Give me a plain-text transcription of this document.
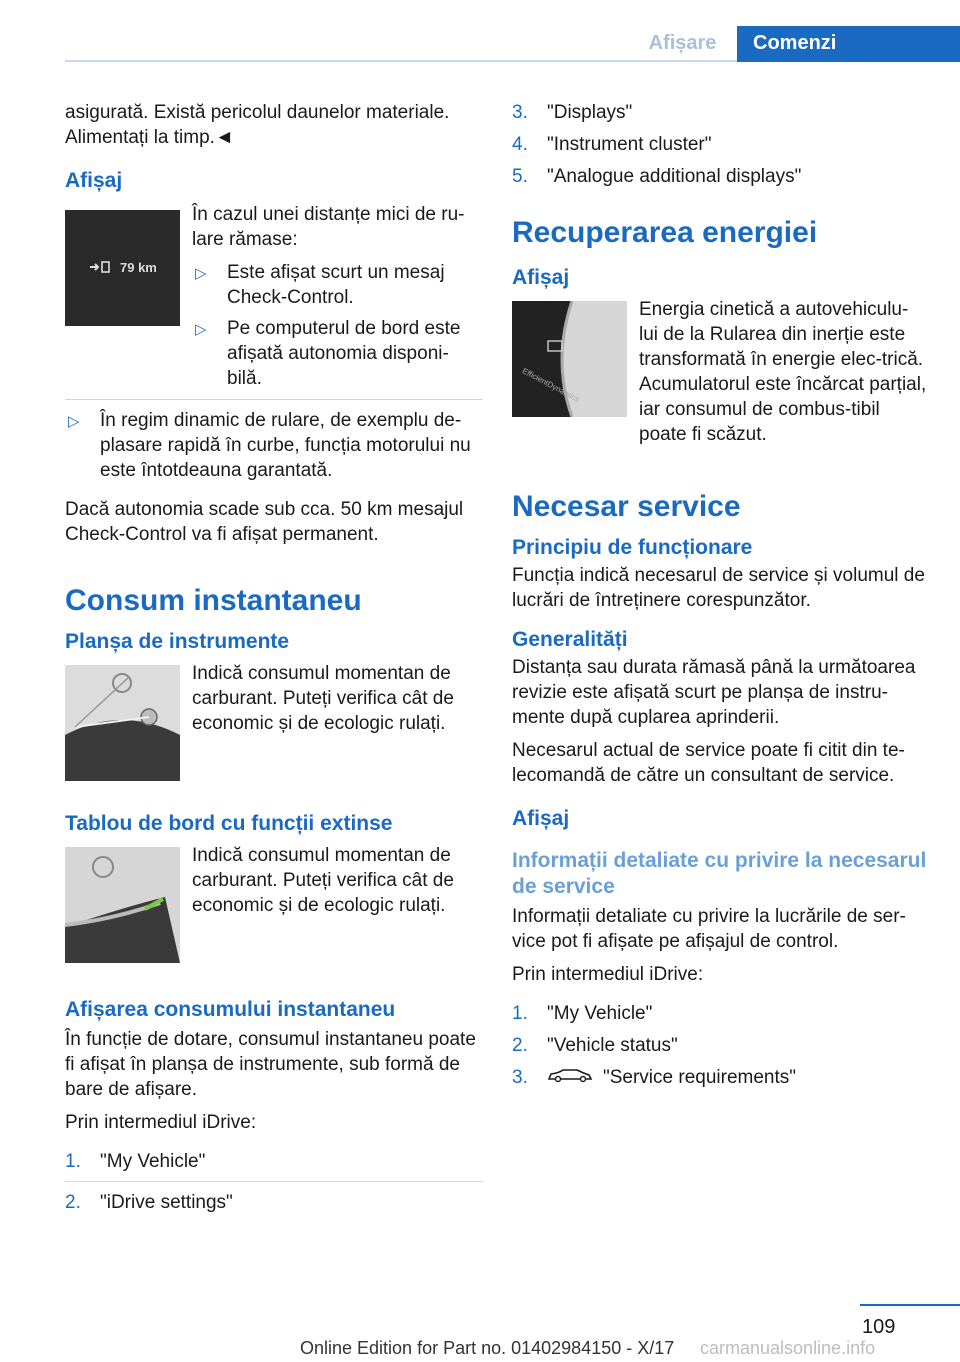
Afișare	Comenzi

asigurată. Există pericolul daunelor materiale. Alimentați la timp.◄

Afișaj
79 km

În cazul unei distanțe mici de ru‐lare rămase:

▷ Este afișat scurt un mesaj Check-Control.
▷ Pe computerul de bord este afișată autonomia disponi‐bilă.
▷ În regim dinamic de rulare, de exemplu de‐plasare rapidă în curbe, funcția motorului nu este întotdeauna garantată.

Dacă autonomia scade sub cca. 50 km mesajul Check-Control va fi afișat permanent.

Consum instantaneu
Planșa de instrumente

Indică consumul momentan de carburant. Puteți verifica cât de economic și de ecologic rulați.

Tablou de bord cu funcții extinse

Indică consumul momentan de carburant. Puteți verifica cât de economic și de ecologic rulați.

Afișarea consumului instantaneu

În funcție de dotare, consumul instantaneu poate fi afișat în planșa de instrumente, sub formă de bare de afișare.

Prin intermediul iDrive:

1. "My Vehicle"
2. "iDrive settings"
3. "Displays"
4. "Instrument cluster"
5. "Analogue additional displays"
Recuperarea energiei
Afișaj
EfficientDynamics

Energia cinetică a autovehiculu‐lui de la Rularea din inerție este transformată în energie elec‐trică. Acumulatorul este încărcat parțial, iar consumul de combus‐tibil poate fi scăzut.

Necesar service
Principiu de funcționare

Funcția indică necesarul de service și volumul de lucrări de întreținere corespunzător.

Generalități

Distanța sau durata rămasă până la următoarea revizie este afișată scurt pe planșa de instru‐mente după cuplarea aprinderii.

Necesarul actual de service poate fi citit din te‐lecomandă de către un consultant de service.

Afișaj
Informații detaliate cu privire la necesarul de service

Informații detaliate cu privire la lucrările de ser‐vice pot fi afișate pe afișajul de control.

Prin intermediul iDrive:

1. "My Vehicle"
2. "Vehicle status"
3.	"Service requirements"
109
Online Edition for Part no. 01402984150 - X/17 carmanualsonline.info
